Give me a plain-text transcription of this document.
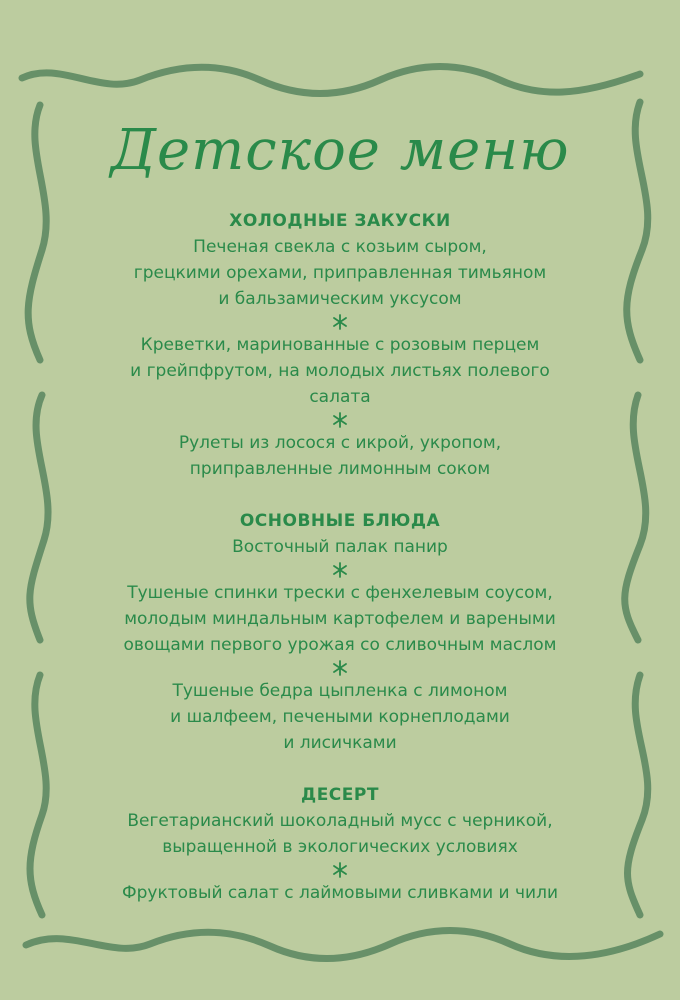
Детское меню
ХОЛОДНЫЕ ЗАКУСКИ
Печеная свекла с козьим сыром,
грецкими орехами, приправленная тимьяном
и бальзамическим уксусом
Креветки, маринованные с розовым перцем
и грейпфрутом, на молодых листьях полевого
салата
Рулеты из лосося с икрой, укропом,
приправленные лимонным соком
ОСНОВНЫЕ БЛЮДА
Восточный палак панир
Тушеные спинки трески с фенхелевым соусом,
молодым миндальным картофелем и вареными
овощами первого урожая со сливочным маслом
Тушеные бедра цыпленка с лимоном
и шалфеем, печеными корнеплодами
и лисичками
ДЕСЕРТ
Вегетарианский шоколадный мусс с черникой,
выращенной в экологических условиях
Фруктовый салат с лаймовыми сливками и чили
